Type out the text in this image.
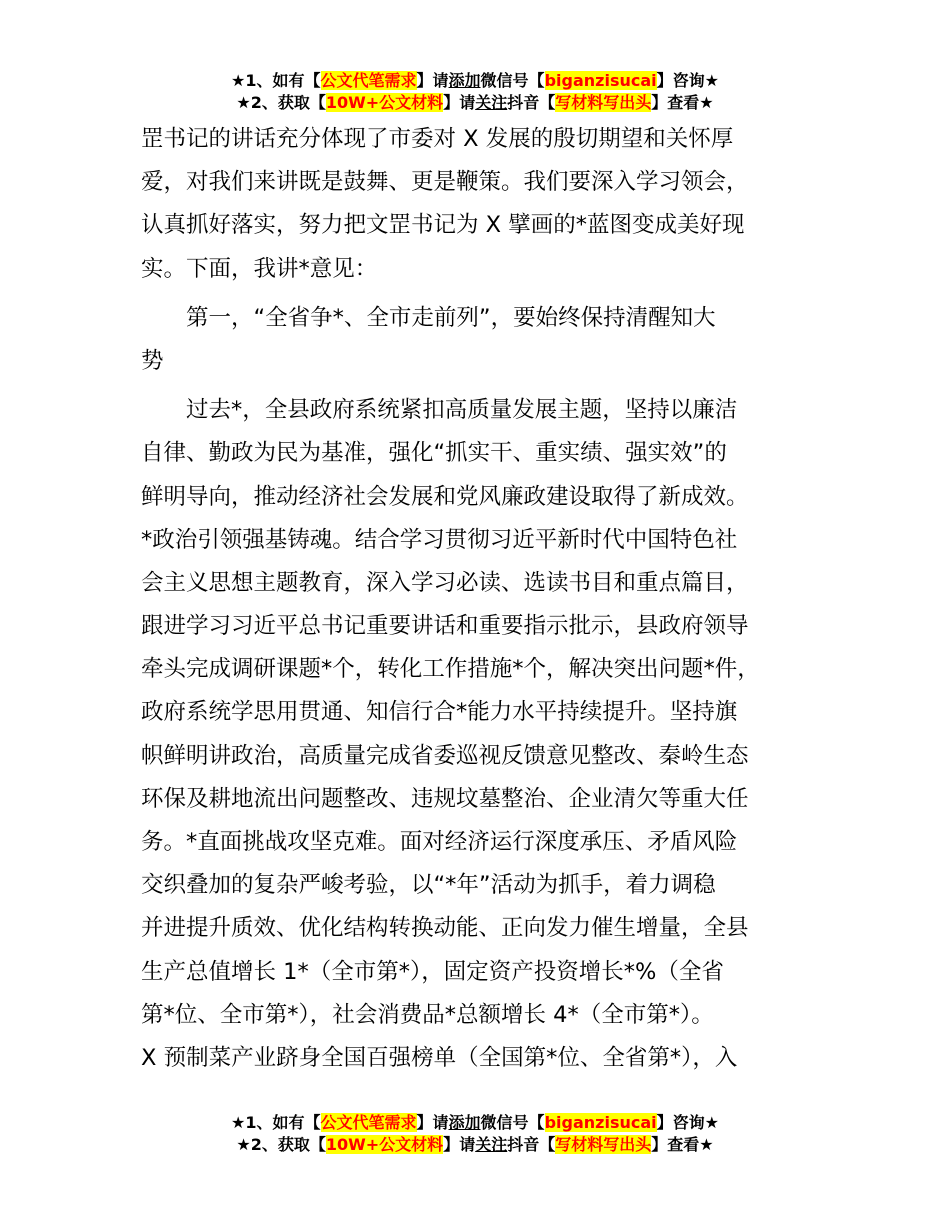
★1、如有【公文代笔需求】请添加微信号【biganzisucai】咨询★
★2、获取【10W+公文材料】请关注抖音【写材料写出头】查看★
罡书记的讲话充分体现了市委对 X 发展的殷切期望和关怀厚
爱，对我们来讲既是鼓舞、更是鞭策。我们要深入学习领会，
认真抓好落实，努力把文罡书记为 X 擘画的*蓝图变成美好现
实。下面，我讲*意见：
第一，“全省争*、全市走前列”，要始终保持清醒知大
势
过去*，全县政府系统紧扣高质量发展主题，坚持以廉洁
自律、勤政为民为基准，强化“抓实干、重实绩、强实效”的
鲜明导向，推动经济社会发展和党风廉政建设取得了新成效。
*政治引领强基铸魂。结合学习贯彻习近平新时代中国特色社
会主义思想主题教育，深入学习必读、选读书目和重点篇目，
跟进学习习近平总书记重要讲话和重要指示批示，县政府领导
牵头完成调研课题*个，转化工作措施*个，解决突出问题*件，
政府系统学思用贯通、知信行合*能力水平持续提升。坚持旗
帜鲜明讲政治，高质量完成省委巡视反馈意见整改、秦岭生态
环保及耕地流出问题整改、违规坟墓整治、企业清欠等重大任
务。*直面挑战攻坚克难。面对经济运行深度承压、矛盾风险
交织叠加的复杂严峻考验，以“*年”活动为抓手，着力调稳
并进提升质效、优化结构转换动能、正向发力催生增量，全县
生产总值增长 1*（全市第*），固定资产投资增长*%（全省
第*位、全市第*），社会消费品*总额增长 4*（全市第*）。
X 预制菜产业跻身全国百强榜单（全国第*位、全省第*），入
★1、如有【公文代笔需求】请添加微信号【biganzisucai】咨询★
★2、获取【10W+公文材料】请关注抖音【写材料写出头】查看★
